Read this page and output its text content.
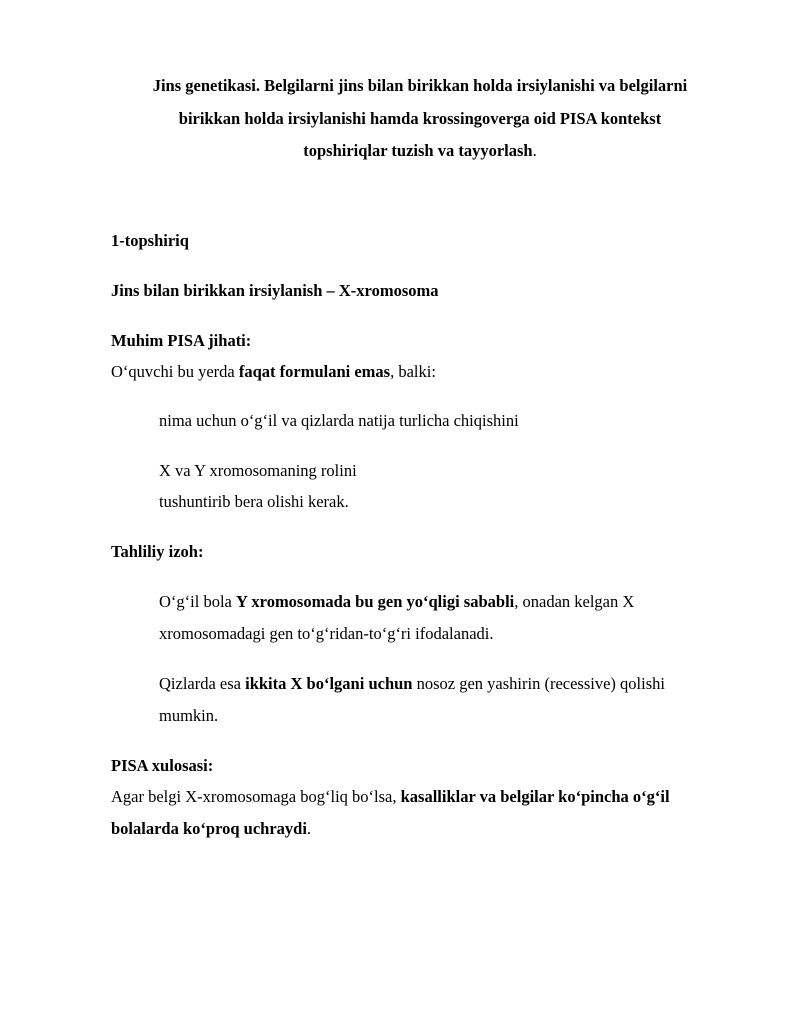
Jins genetikasi. Belgilarni jins bilan birikkan holda irsiylanishi va belgilarni
birikkan holda irsiylanishi hamda krossingoverga oid PISA kontekst
topshiriqlar tuzish va tayyorlash.
1-topshiriq
Jins bilan birikkan irsiylanish – X-xromosoma
Muhim PISA jihati:
O‘quvchi bu yerda faqat formulani emas, balki:
nima uchun o‘g‘il va qizlarda natija turlicha chiqishini
X va Y xromosomaning rolini
tushuntirib bera olishi kerak.
Tahliliy izoh:
O‘g‘il bola Y xromosomada bu gen yo‘qligi sababli, onadan kelgan X
xromosomadagi gen to‘g‘ridan-to‘g‘ri ifodalanadi.
Qizlarda esa ikkita X bo‘lgani uchun nosoz gen yashirin (recessive) qolishi
mumkin.
PISA xulosasi:
Agar belgi X-xromosomaga bog‘liq bo‘lsa, kasalliklar va belgilar ko‘pincha o‘g‘il
bolalarda ko‘proq uchraydi.
